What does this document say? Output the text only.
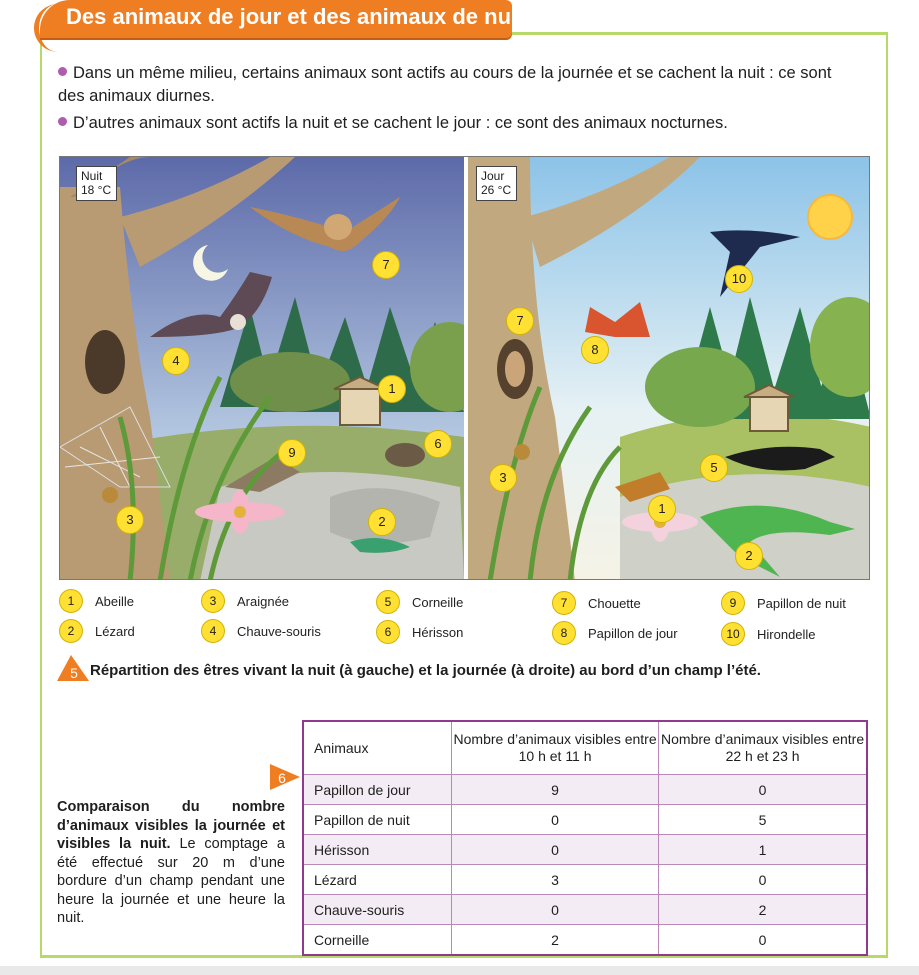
Des animaux de jour et des animaux de nuit
Dans un même milieu, certains animaux sont actifs au cours de la journée et se cachent la nuit : ce sont
des animaux diurnes.
D’autres animaux sont actifs la nuit et se cachent le jour : ce sont des animaux nocturnes.
Nuit
18 °C
Jour
26 °C
7
4
1
6
9
3	2
10
7
8
5
3
1
2
1	Abeille
2	Lézard
3	Araignée
4	Chauve-souris
5	Corneille
6	Hérisson
7	Chouette
8	Papillon de jour
9	Papillon de nuit
10	Hirondelle
5 Répartition des êtres vivant la nuit (à gauche) et la journée (à droite) au bord d’un champ l’été.
6
Comparaison du nombre d’animaux visibles la journée et visibles la nuit. Le comptage a été effectué sur 20 m d’une bordure d’un champ pendant une heure la journée et une heure la nuit.
Animaux	Nombre d’animaux visibles entre 10 h et 11 h	Nombre d’animaux visibles entre 22 h et 23 h
Papillon de jour	9	0
Papillon de nuit	0	5
Hérisson	0	1
Lézard	3	0
Chauve-souris	0	2
Corneille	2	0
